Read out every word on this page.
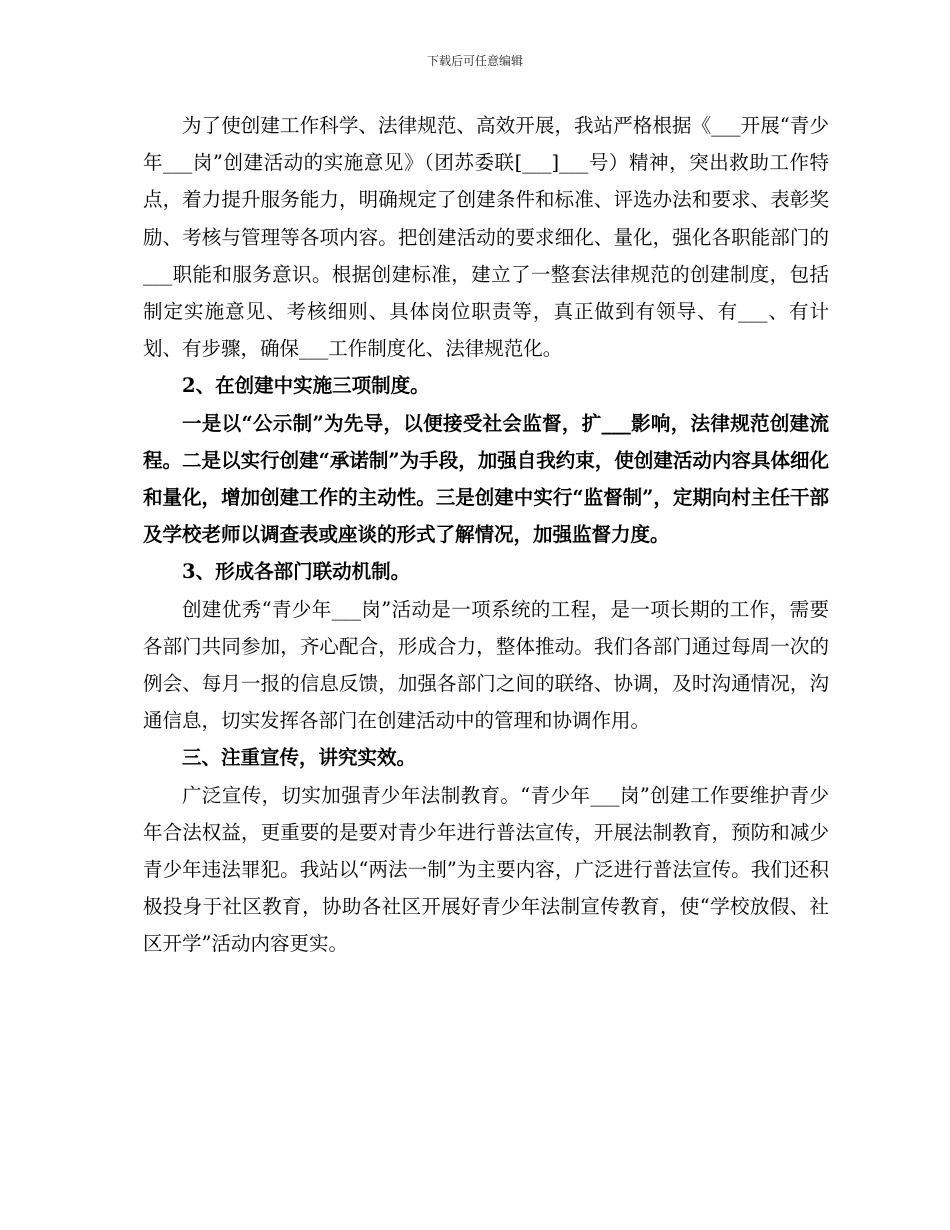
下载后可任意编辑

为了使创建工作科学、法律规范、高效开展，我站严格根据《___开展“青少年___岗”创建活动的实施意见》（团苏委联[___]___号）精神，突出救助工作特点，着力提升服务能力，明确规定了创建条件和标准、评选办法和要求、表彰奖励、考核与管理等各项内容。把创建活动的要求细化、量化，强化各职能部门的___职能和服务意识。根据创建标准，建立了一整套法律规范的创建制度，包括制定实施意见、考核细则、具体岗位职责等，真正做到有领导、有___、有计划、有步骤，确保___工作制度化、法律规范化。

2、在创建中实施三项制度。

一是以“公示制”为先导，以便接受社会监督，扩___影响，法律规范创建流程。二是以实行创建“承诺制”为手段，加强自我约束，使创建活动内容具体细化和量化，增加创建工作的主动性。三是创建中实行“监督制”，定期向村主任干部及学校老师以调查表或座谈的形式了解情况，加强监督力度。

3、形成各部门联动机制。

创建优秀“青少年___岗”活动是一项系统的工程，是一项长期的工作，需要各部门共同参加，齐心配合，形成合力，整体推动。我们各部门通过每周一次的例会、每月一报的信息反馈，加强各部门之间的联络、协调，及时沟通情况，沟通信息，切实发挥各部门在创建活动中的管理和协调作用。

三、注重宣传，讲究实效。

广泛宣传，切实加强青少年法制教育。“青少年___岗”创建工作要维护青少年合法权益，更重要的是要对青少年进行普法宣传，开展法制教育，预防和减少青少年违法罪犯。我站以“两法一制”为主要内容，广泛进行普法宣传。我们还积极投身于社区教育，协助各社区开展好青少年法制宣传教育，使“学校放假、社区开学”活动内容更实。
